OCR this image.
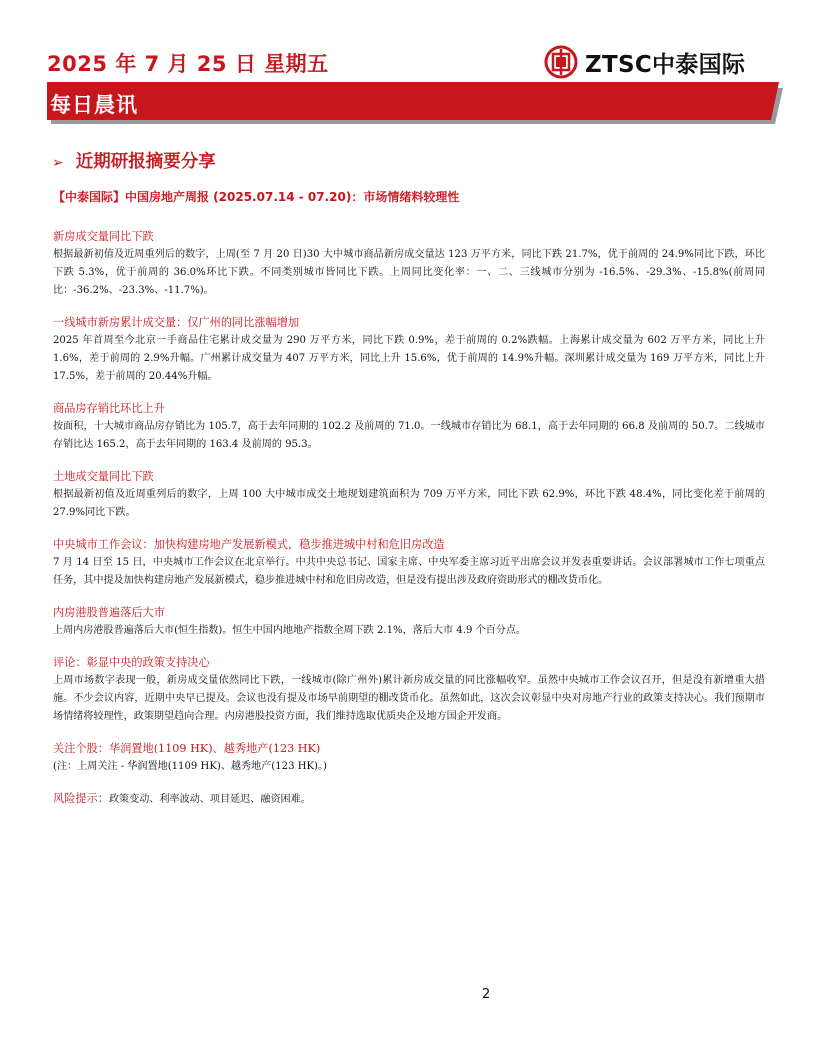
2025 年 7 月 25 日 星期五	ZTSC中泰国际
每日晨讯
➢ 近期研报摘要分享
【中泰国际】中国房地产周报 (2025.07.14 - 07.20)：市场情绪料较理性
新房成交量同比下跌
根据最新初值及近周重列后的数字，上周(至 7 月 20 日)30 大中城市商品新房成交量达 123 万平方米，同比下跌 21.7%，优于前周的 24.9%同比下跌，环比下跌 5.3%，优于前周的 36.0%环比下跌。不同类别城市皆同比下跌。上周同比变化率：一、二、三线城市分别为 -16.5%、-29.3%、-15.8%(前周同比：-36.2%、-23.3%、-11.7%)。
一线城市新房累计成交量：仅广州的同比涨幅增加
2025 年首周至今北京一手商品住宅累计成交量为 290 万平方米，同比下跌 0.9%，差于前周的 0.2%跌幅。上海累计成交量为 602 万平方米，同比上升 1.6%，差于前周的 2.9%升幅。广州累计成交量为 407 万平方米，同比上升 15.6%，优于前周的 14.9%升幅。深圳累计成交量为 169 万平方米，同比上升 17.5%，差于前周的 20.44%升幅。
商品房存销比环比上升
按面积，十大城市商品房存销比为 105.7，高于去年同期的 102.2 及前周的 71.0。一线城市存销比为 68.1，高于去年同期的 66.8 及前周的 50.7。二线城市存销比达 165.2，高于去年同期的 163.4 及前周的 95.3。
土地成交量同比下跌
根据最新初值及近周重列后的数字，上周 100 大中城市成交土地规划建筑面积为 709 万平方米，同比下跌 62.9%，环比下跌 48.4%，同比变化差于前周的 27.9%同比下跌。
中央城市工作会议：加快构建房地产发展新模式，稳步推进城中村和危旧房改造
7 月 14 日至 15 日，中央城市工作会议在北京举行。中共中央总书记、国家主席、中央军委主席习近平出席会议并发表重要讲话。会议部署城市工作七项重点任务，其中提及加快构建房地产发展新模式，稳步推进城中村和危旧房改造，但是没有提出涉及政府资助形式的棚改货币化。
内房港股普遍落后大市
上周内房港股普遍落后大市(恒生指数)。恒生中国内地地产指数全周下跌 2.1%，落后大市 4.9 个百分点。
评论：彰显中央的政策支持决心
上周市场数字表现一般，新房成交量依然同比下跌，一线城市(除广州外)累计新房成交量的同比涨幅收窄。虽然中央城市工作会议召开，但是没有新增重大措施。不少会议内容，近期中央早已提及。会议也没有提及市场早前期望的棚改货币化。虽然如此，这次会议彰显中央对房地产行业的政策支持决心。我们预期市场情绪将较理性，政策期望趋向合理。内房港股投资方面，我们维持选取优质央企及地方国企开发商。
关注个股：华润置地(1109 HK)、越秀地产(123 HK)
(注：上周关注 - 华润置地(1109 HK)、越秀地产(123 HK)。)
风险提示：政策变动、利率波动、项目延迟、融资困难。
2
